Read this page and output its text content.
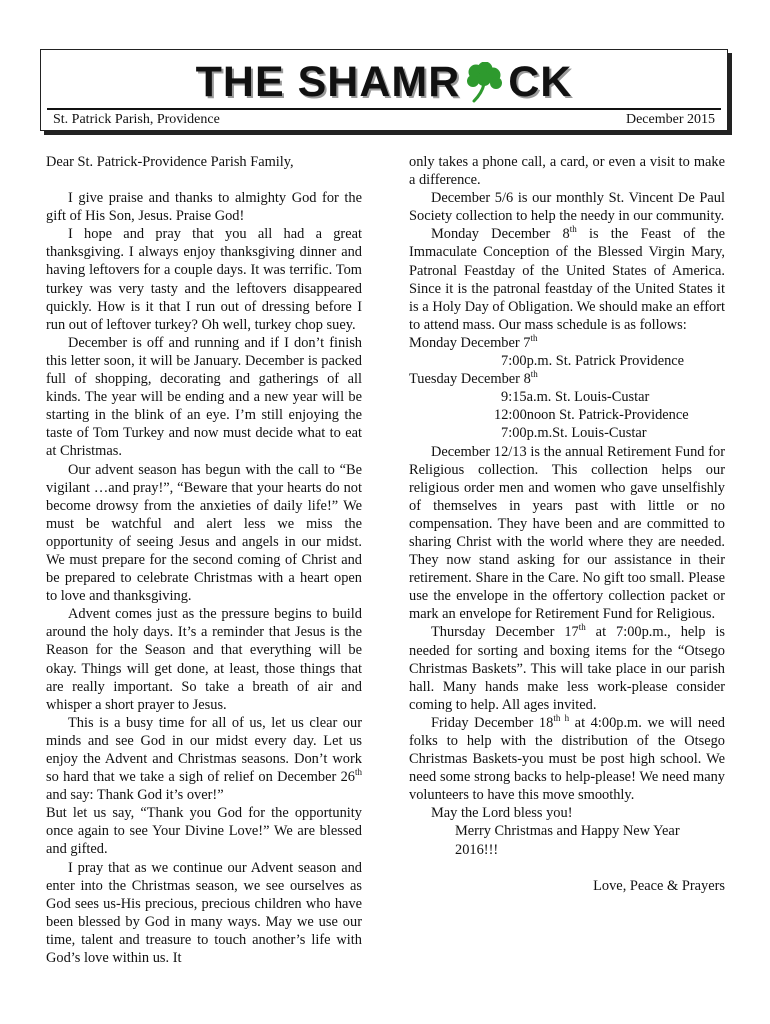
THE SHAMR CK
St. Patrick Parish, Providence	December 2015

Dear St. Patrick-Providence Parish Family,

I give praise and thanks to almighty God for the gift of His Son, Jesus. Praise God!

I hope and pray that you all had a great thanksgiving. I always enjoy thanksgiving dinner and having leftovers for a couple days. It was terrific. Tom turkey was very tasty and the leftovers disappeared quickly. How is it that I run out of dressing before I run out of leftover turkey? Oh well, turkey chop suey.

December is off and running and if I don’t finish this letter soon, it will be January. December is packed full of shopping, decorating and gatherings of all kinds. The year will be ending and a new year will be starting in the blink of an eye. I’m still enjoying the taste of Tom Turkey and now must decide what to eat at Christmas.

Our advent season has begun with the call to “Be vigilant …and pray!”, “Beware that your hearts do not become drowsy from the anxieties of daily life!” We must be watchful and alert less we miss the opportunity of seeing Jesus and angels in our midst. We must prepare for the second coming of Christ and be prepared to celebrate Christmas with a heart open to love and thanksgiving.

Advent comes just as the pressure begins to build around the holy days. It’s a reminder that Jesus is the Reason for the Season and that everything will be okay. Things will get done, at least, those things that are really important. So take a breath of air and whisper a short prayer to Jesus.

This is a busy time for all of us, let us clear our minds and see God in our midst every day. Let us enjoy the Advent and Christmas seasons. Don’t work so hard that we take a sigh of relief on December 26th and say: Thank God it’s over!”

But let us say, “Thank you God for the opportunity once again to see Your Divine Love!” We are blessed and gifted.

I pray that as we continue our Advent season and enter into the Christmas season, we see ourselves as God sees us-His precious, precious children who have been blessed by God in many ways. May we use our time, talent and treasure to touch another’s life with God’s love within us. It

only takes a phone call, a card, or even a visit to make a difference.

December 5/6 is our monthly St. Vincent De Paul Society collection to help the needy in our community.

Monday December 8th is the Feast of the Immaculate Conception of the Blessed Virgin Mary, Patronal Feastday of the United States of America. Since it is the patronal feastday of the United States it is a Holy Day of Obligation. We should make an effort to attend mass. Our mass schedule is as follows:

Monday December 7th

7:00p.m. St. Patrick Providence

Tuesday December 8th

9:15a.m. St. Louis-Custar

12:00noon St. Patrick-Providence

7:00p.m.St. Louis-Custar

December 12/13 is the annual Retirement Fund for Religious collection. This collection helps our religious order men and women who gave unselfishly of themselves in years past with little or no compensation. They have been and are committed to sharing Christ with the world where they are needed. They now stand asking for our assistance in their retirement. Share in the Care. No gift too small. Please use the envelope in the offertory collection packet or mark an envelope for Retirement Fund for Religious.

Thursday December 17th at 7:00p.m., help is needed for sorting and boxing items for the “Otsego Christmas Baskets”. This will take place in our parish hall. Many hands make less work-please consider coming to help. All ages invited.

Friday December $18^{th h}$ at 4:00p.m. we will need folks to help with the distribution of the Otsego Christmas Baskets-you must be post high school. We need some strong backs to help-please! We need many volunteers to have this move smoothly.

May the Lord bless you!

Merry Christmas and Happy New Year 2016!!!

Love, Peace & Prayers
